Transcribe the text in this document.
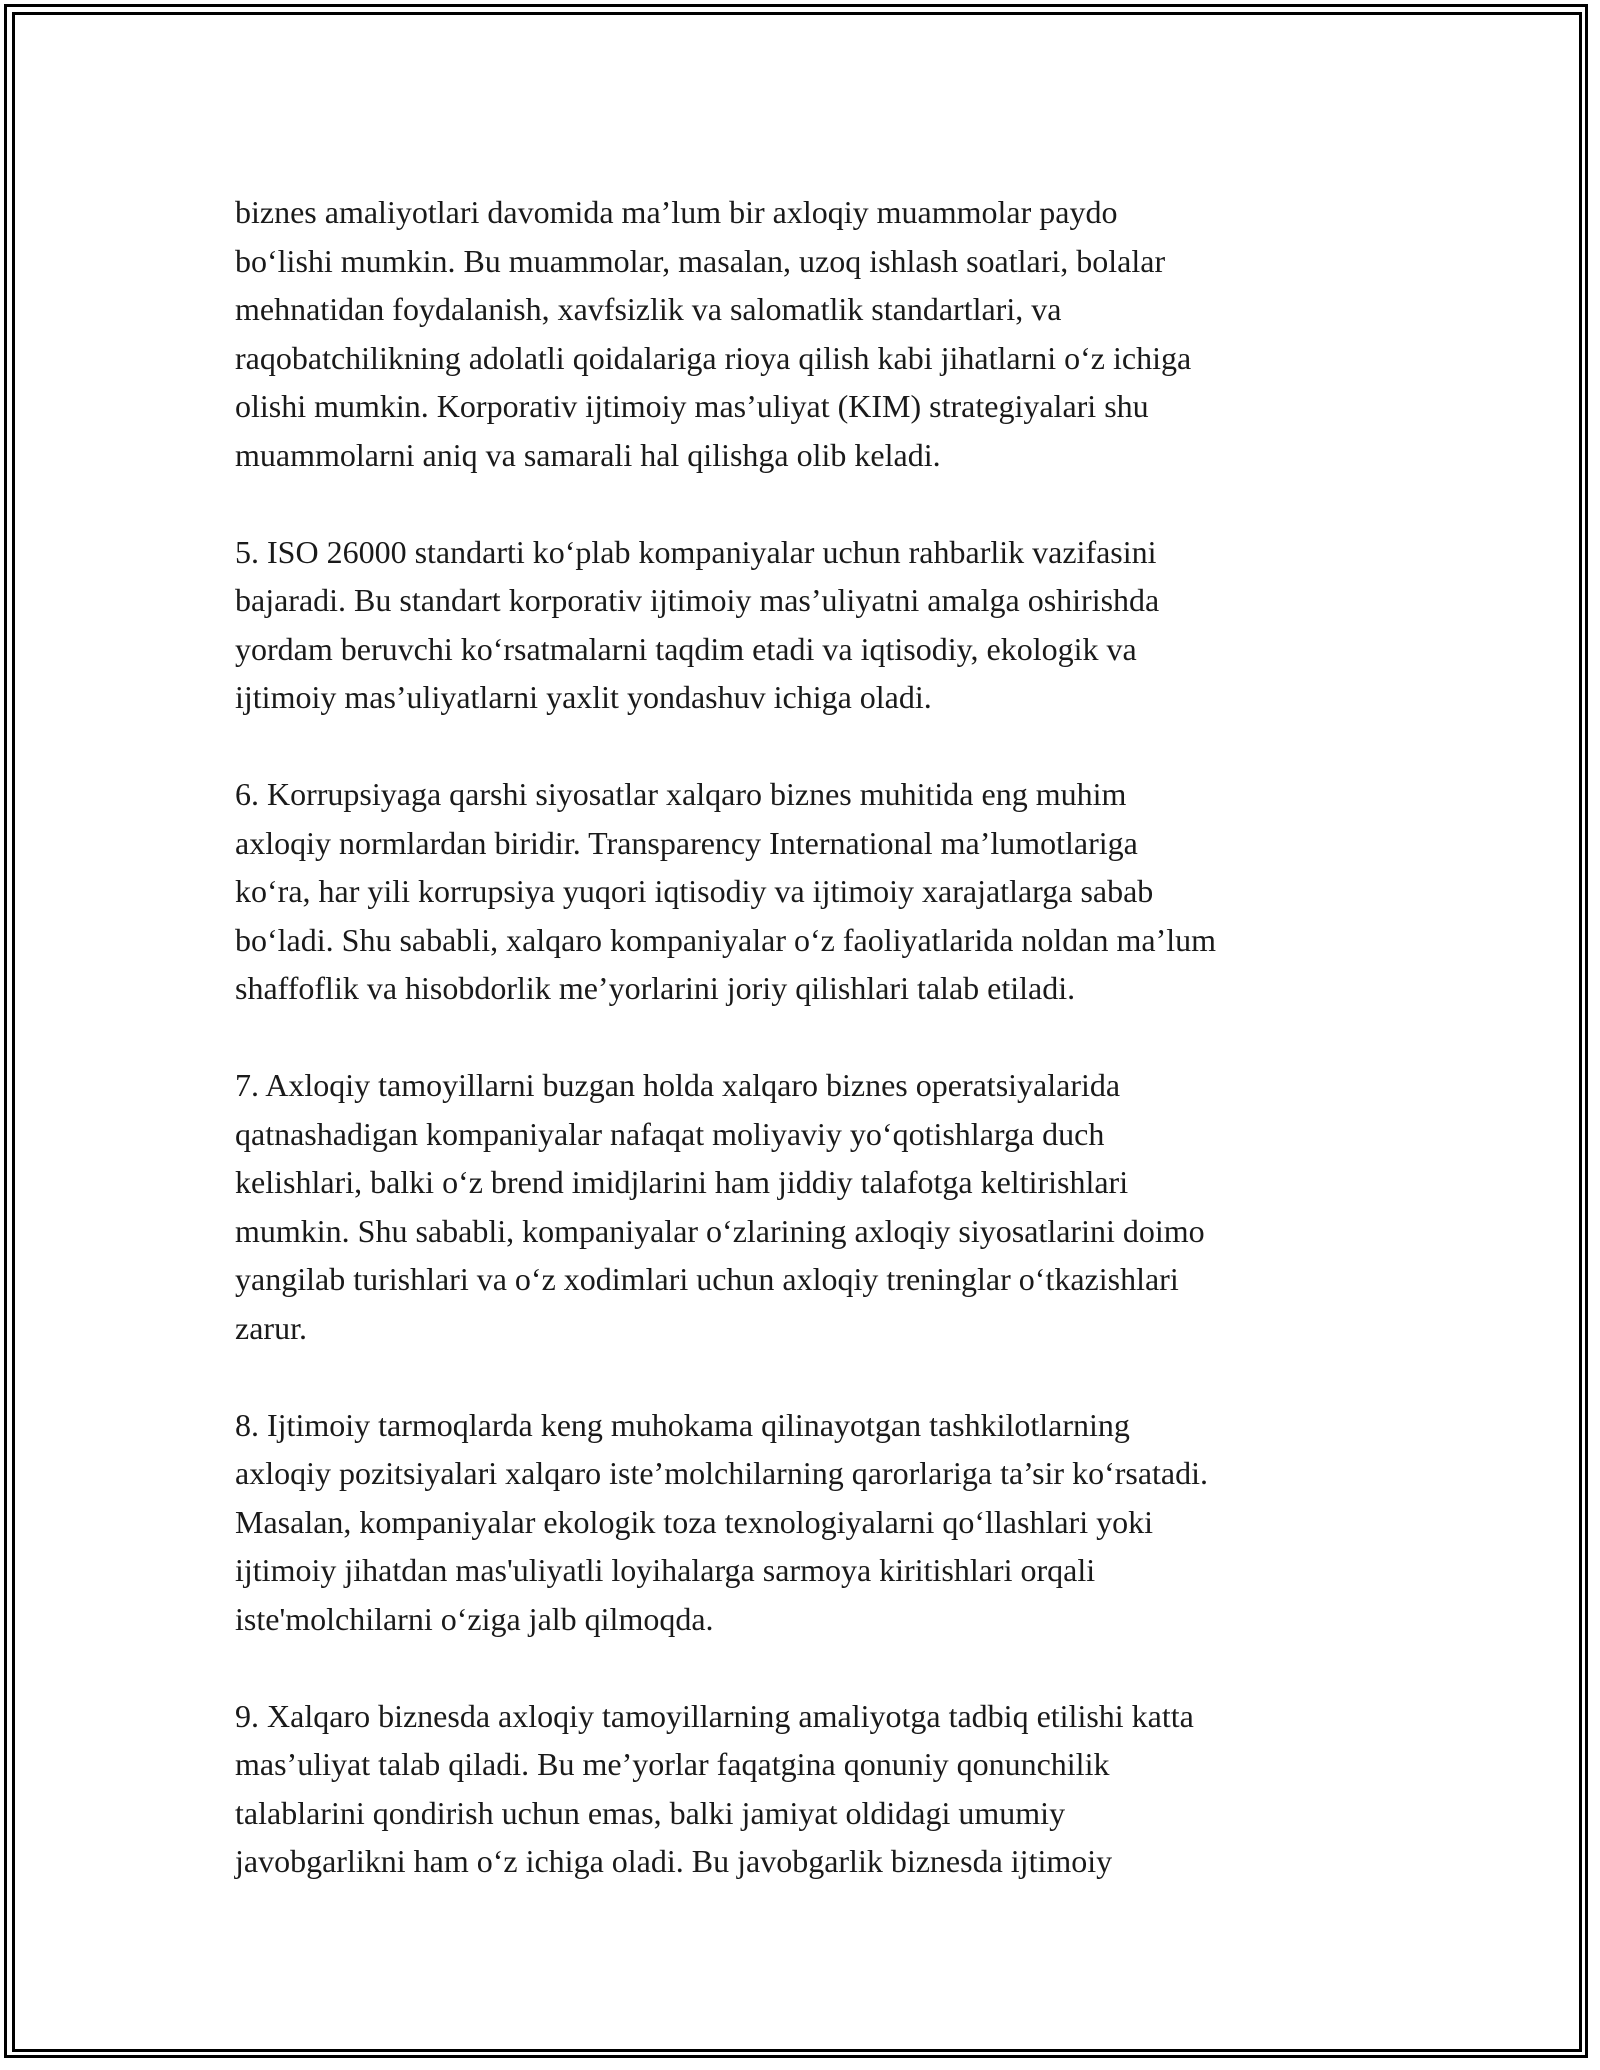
biznes amaliyotlari davomida ma’lum bir axloqiy muammolar paydo
bo‘lishi mumkin. Bu muammolar, masalan, uzoq ishlash soatlari, bolalar
mehnatidan foydalanish, xavfsizlik va salomatlik standartlari, va
raqobatchilikning adolatli qoidalariga rioya qilish kabi jihatlarni o‘z ichiga
olishi mumkin. Korporativ ijtimoiy mas’uliyat (KIM) strategiyalari shu
muammolarni aniq va samarali hal qilishga olib keladi.

5. ISO 26000 standarti ko‘plab kompaniyalar uchun rahbarlik vazifasini
bajaradi. Bu standart korporativ ijtimoiy mas’uliyatni amalga oshirishda
yordam beruvchi ko‘rsatmalarni taqdim etadi va iqtisodiy, ekologik va
ijtimoiy mas’uliyatlarni yaxlit yondashuv ichiga oladi.

6. Korrupsiyaga qarshi siyosatlar xalqaro biznes muhitida eng muhim
axloqiy normlardan biridir. Transparency International ma’lumotlariga
ko‘ra, har yili korrupsiya yuqori iqtisodiy va ijtimoiy xarajatlarga sabab
bo‘ladi. Shu sababli, xalqaro kompaniyalar o‘z faoliyatlarida noldan ma’lum
shaffoflik va hisobdorlik me’yorlarini joriy qilishlari talab etiladi.

7. Axloqiy tamoyillarni buzgan holda xalqaro biznes operatsiyalarida
qatnashadigan kompaniyalar nafaqat moliyaviy yo‘qotishlarga duch
kelishlari, balki o‘z brend imidjlarini ham jiddiy talafotga keltirishlari
mumkin. Shu sababli, kompaniyalar o‘zlarining axloqiy siyosatlarini doimo
yangilab turishlari va o‘z xodimlari uchun axloqiy treninglar o‘tkazishlari
zarur.

8. Ijtimoiy tarmoqlarda keng muhokama qilinayotgan tashkilotlarning
axloqiy pozitsiyalari xalqaro iste’molchilarning qarorlariga ta’sir ko‘rsatadi.
Masalan, kompaniyalar ekologik toza texnologiyalarni qo‘llashlari yoki
ijtimoiy jihatdan mas'uliyatli loyihalarga sarmoya kiritishlari orqali
iste'molchilarni o‘ziga jalb qilmoqda.

9. Xalqaro biznesda axloqiy tamoyillarning amaliyotga tadbiq etilishi katta
mas’uliyat talab qiladi. Bu me’yorlar faqatgina qonuniy qonunchilik
talablarini qondirish uchun emas, balki jamiyat oldidagi umumiy
javobgarlikni ham o‘z ichiga oladi. Bu javobgarlik biznesda ijtimoiy
